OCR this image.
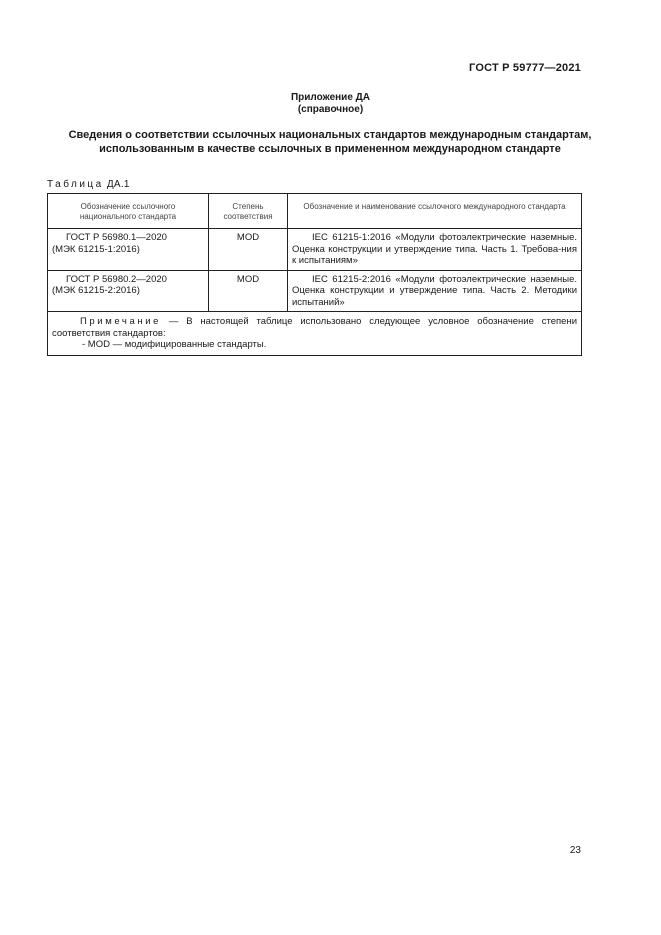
ГОСТ Р 59777—2021
Приложение ДА
(справочное)
Сведения о соответствии ссылочных национальных стандартов международным стандартам,
использованным в качестве ссылочных в примененном международном стандарте
Таблица ДА.1
Обозначение ссылочного национального стандарта	Степень соответствия	Обозначение и наименование ссылочного международного стандарта

ГОСТ Р 56980.1—2020
(МЭК 61215-1:2016)	MOD	IEC 61215-1:2016 «Модули фотоэлектрические наземные. Оценка конструкции и утверждение типа. Часть 1. Требова-ния к испытаниям»

ГОСТ Р 56980.2—2020
(МЭК 61215-2:2016)	MOD	IEC 61215-2:2016 «Модули фотоэлектрические наземные. Оценка конструкции и утверждение типа. Часть 2. Методики испытаний»

Примечание — В настоящей таблице использовано следующее условное обозначение степени соответствия стандартов:
- MOD — модифицированные стандарты.		
23
